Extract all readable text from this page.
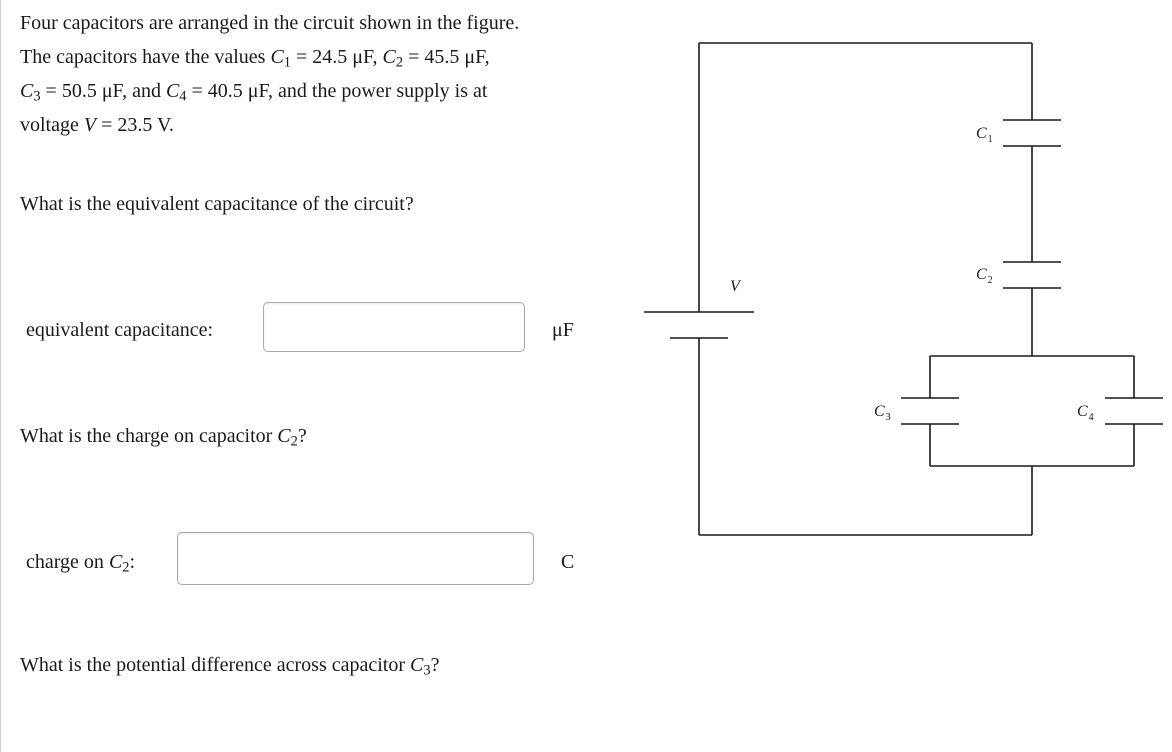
Four capacitors are arranged in the circuit shown in the figure.
The capacitors have the values $C_1 = 24.5$ μF, $C_2 = 45.5$ μF,
$C_3 = 50.5$ μF, and $C_4 = 40.5$ μF, and the power supply is at
voltage V = 23.5 V.
What is the equivalent capacitance of the circuit?
equivalent capacitance:	μF
What is the charge on capacitor $C_2$?
charge on $C_2$:	C
What is the potential difference across capacitor $C_3$?
V
$C_1$
$C_2$
$C_3$	$C_4$
